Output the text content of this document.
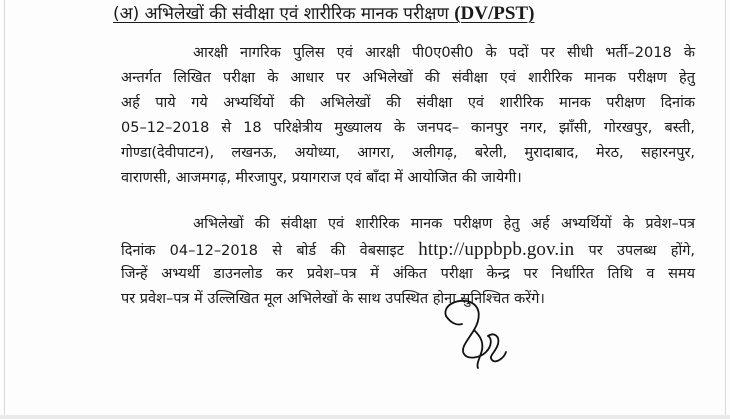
(अ) अभिलेखों की संवीक्षा एवं शारीरिक मानक परीक्षण (DV/PST)
आरक्षी नागरिक पुलिस एवं आरक्षी पी0ए0सी0 के पदों पर सीधी भर्ती–2018 के
अन्तर्गत लिखित परीक्षा के आधार पर अभिलेखों की संवीक्षा एवं शारीरिक मानक परीक्षण हेतु
अर्ह पाये गये अभ्यर्थियों की अभिलेखों की संवीक्षा एवं शारीरिक मानक परीक्षण दिनांक
05–12–2018 से 18 परिक्षेत्रीय मुख्यालय के जनपद– कानपुर नगर, झाँसी, गोरखपुर, बस्ती,
गोण्डा(देवीपाटन), लखनऊ, अयोध्या, आगरा, अलीगढ़, बरेली, मुरादाबाद, मेरठ, सहारनपुर,
वाराणसी, आजमगढ़, मीरजापुर, प्रयागराज एवं बाँदा में आयोजित की जायेगी।
अभिलेखों की संवीक्षा एवं शारीरिक मानक परीक्षण हेतु अर्ह अभ्यर्थियों के प्रवेश–पत्र
दिनांक 04–12–2018 से बोर्ड की वेबसाइट http://uppbpb.gov.in पर उपलब्ध होंगे,
जिन्हें अभ्यर्थी डाउनलोड कर प्रवेश–पत्र में अंकित परीक्षा केन्द्र पर निर्धारित तिथि व समय
पर प्रवेश–पत्र में उल्लिखित मूल अभिलेखों के साथ उपस्थित होना सुनिश्चित करेंगे।
